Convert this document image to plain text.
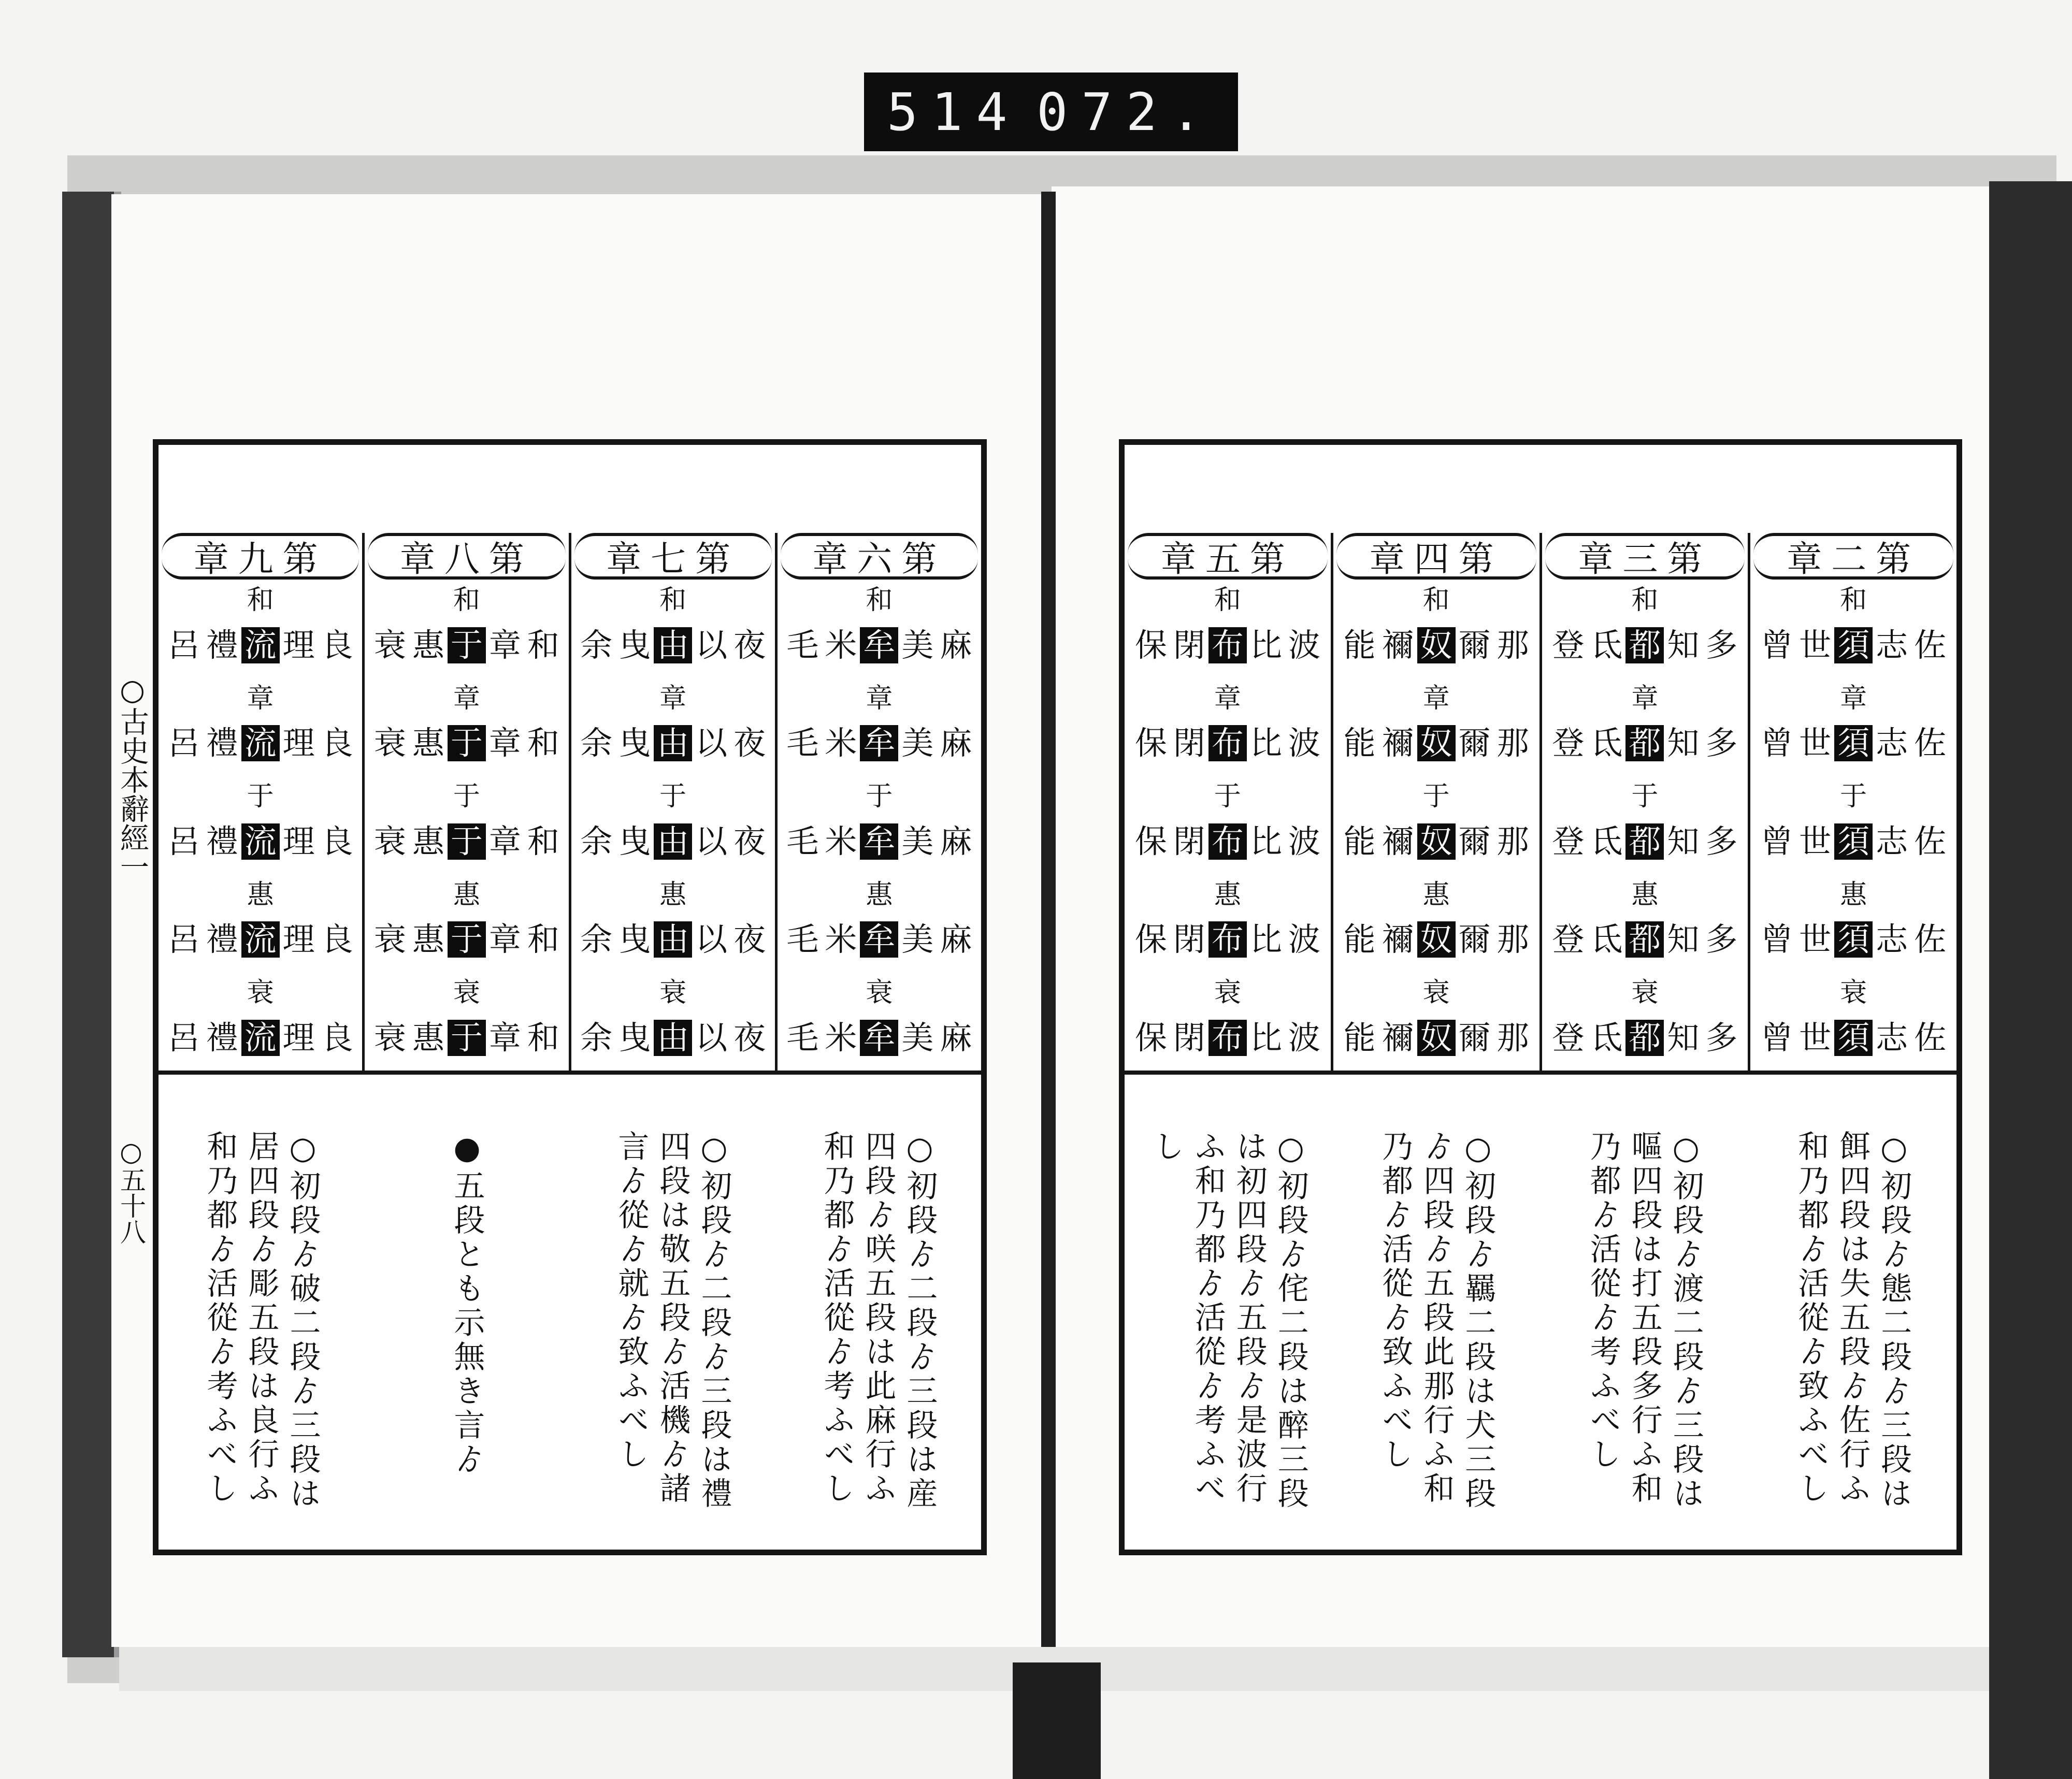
514 072.
○古史本辭經一
○五十八
第六章
和
麻
美
牟
米
毛
章
麻
美
牟
米
毛
于
麻
美
牟
米
毛
惠
麻
美
牟
米
毛
衰
麻
美
牟
米
毛
第七章
和
夜
以
由
曳
余
章
夜
以
由
曳
余
于
夜
以
由
曳
余
惠
夜
以
由
曳
余
衰
夜
以
由
曳
余
第八章
和
和
章
于
惠
衰
章
和
章
于
惠
衰
于
和
章
于
惠
衰
惠
和
章
于
惠
衰
衰
和
章
于
惠
衰
第九章
和
良
理
流
禮
呂
章
良
理
流
禮
呂
于
良
理
流
禮
呂
惠
良
理
流
禮
呂
衰
良
理
流
禮
呂
○初段ゟ二段ゟ三段は産四段ゟ咲五段は此麻行ふ和乃都ゟ活從ゟ考ふべし
○初段ゟ二段ゟ三段は禮四段は敬五段ゟ活機ゟ諸言ゟ從ゟ就ゟ致ふべし
●五段とも示無き言ゟ
○初段ゟ破二段ゟ三段は居四段ゟ彫五段は良行ふ和乃都ゟ活從ゟ考ふべし
第二章
和
佐
志
須
世
曾
章
佐
志
須
世
曾
于
佐
志
須
世
曾
惠
佐
志
須
世
曾
衰
佐
志
須
世
曾
第三章
和
多
知
都
氐
登
章
多
知
都
氐
登
于
多
知
都
氐
登
惠
多
知
都
氐
登
衰
多
知
都
氐
登
第四章
和
那
爾
奴
禰
能
章
那
爾
奴
禰
能
于
那
爾
奴
禰
能
惠
那
爾
奴
禰
能
衰
那
爾
奴
禰
能
第五章
和
波
比
布
閉
保
章
波
比
布
閉
保
于
波
比
布
閉
保
惠
波
比
布
閉
保
衰
波
比
布
閉
保
○初段ゟ態二段ゟ三段は餌四段は失五段ゟ佐行ふ和乃都ゟ活從ゟ致ふべし
○初段ゟ渡二段ゟ三段は嘔四段は打五段多行ふ和乃都ゟ活從ゟ考ふべし
○初段ゟ羈二段は犬三段ゟ四段ゟ五段此那行ふ和乃都ゟ活從ゟ致ふべし
○初段ゟ侘二段は醉三段は初四段ゟ五段ゟ是波行ふ和乃都ゟ活從ゟ考ふべし
